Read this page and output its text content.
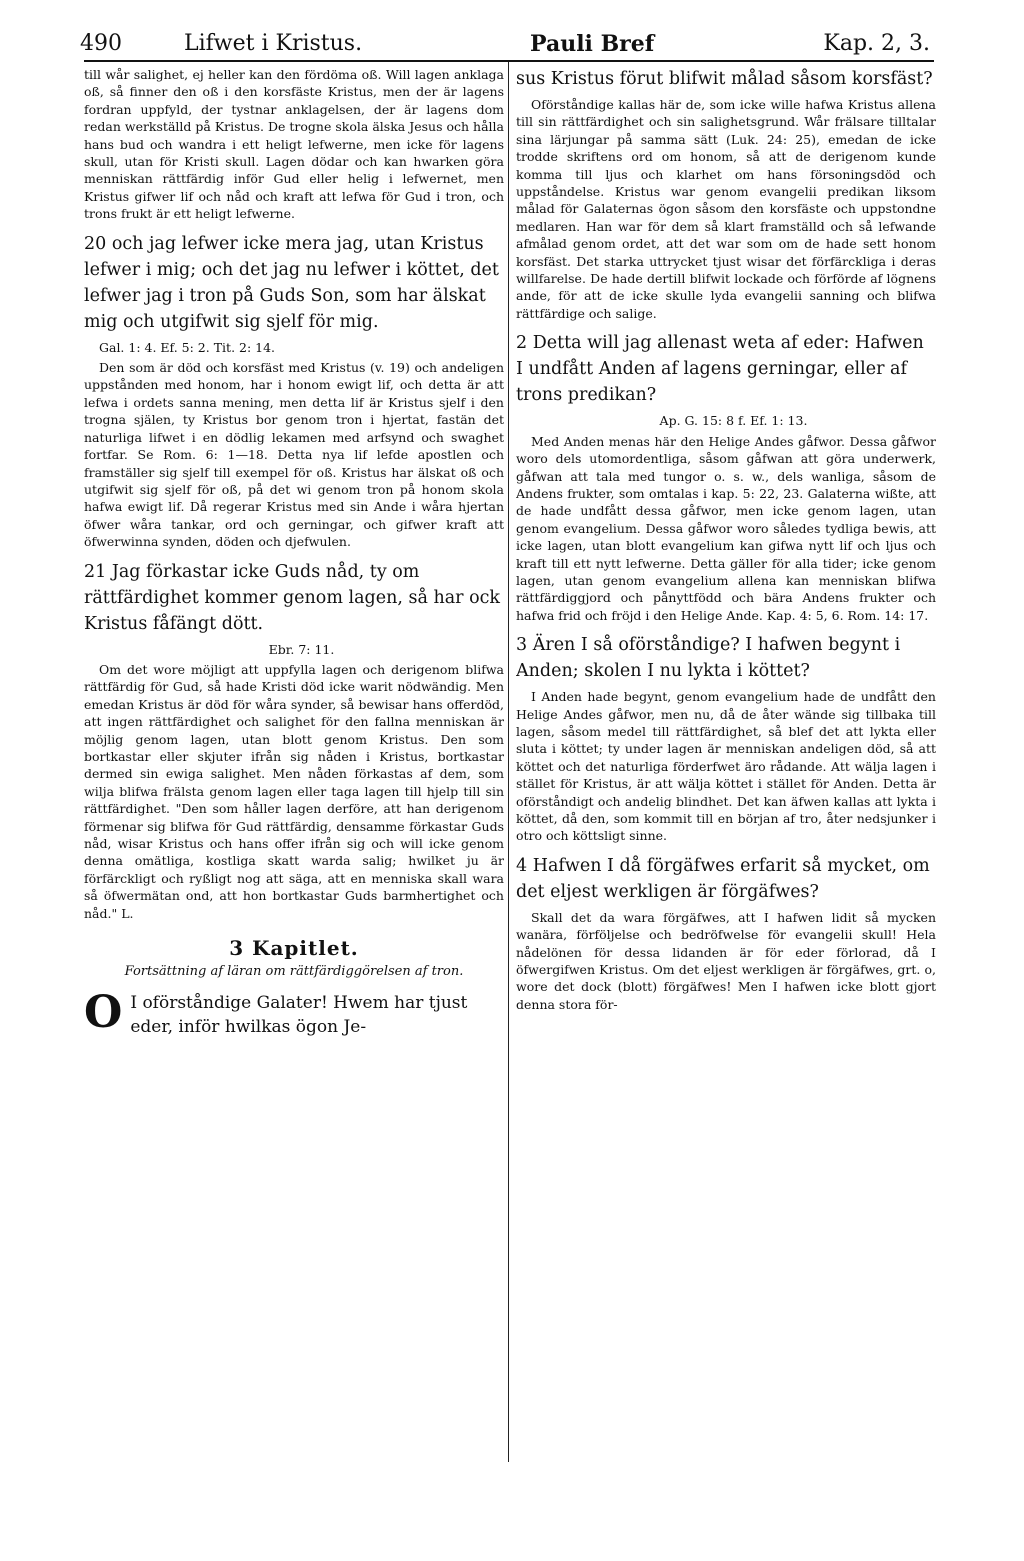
490	Lifwet i Kristus.	Pauli Bref	Kap. 2, 3.

till wår salighet, ej heller kan den fördöma oß. Will lagen anklaga oß, så finner den oß i den korsfäste Kristus, men der är lagens fordran uppfyld, der tystnar anklagelsen, der är lagens dom redan werkställd på Kristus. De trogne skola älska Jesus och hålla hans bud och wandra i ett heligt lefwerne, men icke för lagens skull, utan för Kristi skull. Lagen dödar och kan hwarken göra menniskan rättfärdig inför Gud eller helig i lefwernet, men Kristus gifwer lif och nåd och kraft att lefwa för Gud i tron, och trons frukt är ett heligt lefwerne.

20 och jag lefwer icke mera jag, utan Kristus lefwer i mig; och det jag nu lefwer i köttet, det lefwer jag i tron på Guds Son, som har älskat mig och utgifwit sig sjelf för mig.

Gal. 1: 4. Ef. 5: 2. Tit. 2: 14.

Den som är död och korsfäst med Kristus (v. 19) och andeligen uppstånden med honom, har i honom ewigt lif, och detta är att lefwa i ordets sanna mening, men detta lif är Kristus sjelf i den trogna själen, ty Kristus bor genom tron i hjertat, fastän det naturliga lifwet i en dödlig lekamen med arfsynd och swaghet fortfar. Se Rom. 6: 1—18. Detta nya lif lefde apostlen och framställer sig sjelf till exempel för oß. Kristus har älskat oß och utgifwit sig sjelf för oß, på det wi genom tron på honom skola hafwa ewigt lif. Då regerar Kristus med sin Ande i wåra hjertan öfwer wåra tankar, ord och gerningar, och gifwer kraft att öfwerwinna synden, döden och djefwulen.

21 Jag förkastar icke Guds nåd, ty om rättfärdighet kommer genom lagen, så har ock Kristus fåfängt dött.

Ebr. 7: 11.

Om det wore möjligt att uppfylla lagen och derigenom blifwa rättfärdig för Gud, så hade Kristi död icke warit nödwändig. Men emedan Kristus är död för wåra synder, så bewisar hans offerdöd, att ingen rättfärdighet och salighet för den fallna menniskan är möjlig genom lagen, utan blott genom Kristus. Den som bortkastar eller skjuter ifrån sig nåden i Kristus, bortkastar dermed sin ewiga salighet. Men nåden förkastas af dem, som wilja blifwa frälsta genom lagen eller taga lagen till hjelp till sin rättfärdighet. "Den som håller lagen derföre, att han derigenom förmenar sig blifwa för Gud rättfärdig, densamme förkastar Guds nåd, wisar Kristus och hans offer ifrån sig och will icke genom denna omätliga, kostliga skatt warda salig; hwilket ju är förfärckligt och ryßligt nog att säga, att en menniska skall wara så öfwermätan ond, att hon bortkastar Guds barmhertighet och nåd." L.

3 Kapitlet.

Fortsättning af läran om rättfärdiggörelsen af tron.

O I oförståndige Galater! Hwem har tjust eder, inför hwilkas ögon Je-

sus Kristus förut blifwit målad såsom korsfäst?

Oförståndige kallas här de, som icke wille hafwa Kristus allena till sin rättfärdighet och sin salighetsgrund. Wår frälsare tilltalar sina lärjungar på samma sätt (Luk. 24: 25), emedan de icke trodde skriftens ord om honom, så att de derigenom kunde komma till ljus och klarhet om hans försoningsdöd och uppståndelse. Kristus war genom evangelii predikan liksom målad för Galaternas ögon såsom den korsfäste och uppstondne medlaren. Han war för dem så klart framställd och så lefwande afmålad genom ordet, att det war som om de hade sett honom korsfäst. Det starka uttrycket tjust wisar det förfärckliga i deras willfarelse. De hade dertill blifwit lockade och förförde af lögnens ande, för att de icke skulle lyda evangelii sanning och blifwa rättfärdige och salige.

2 Detta will jag allenast weta af eder: Hafwen I undfått Anden af lagens gerningar, eller af trons predikan?

Ap. G. 15: 8 f. Ef. 1: 13.

Med Anden menas här den Helige Andes gåfwor. Dessa gåfwor woro dels utomordentliga, såsom gåfwan att göra underwerk, gåfwan att tala med tungor o. s. w., dels wanliga, såsom de Andens frukter, som omtalas i kap. 5: 22, 23. Galaterna wißte, att de hade undfått dessa gåfwor, men icke genom lagen, utan genom evangelium. Dessa gåfwor woro således tydliga bewis, att icke lagen, utan blott evangelium kan gifwa nytt lif och ljus och kraft till ett nytt lefwerne. Detta gäller för alla tider; icke genom lagen, utan genom evangelium allena kan menniskan blifwa rättfärdiggjord och pånyttfödd och bära Andens frukter och hafwa frid och fröjd i den Helige Ande. Kap. 4: 5, 6. Rom. 14: 17.

3 Ären I så oförståndige? I hafwen begynt i Anden; skolen I nu lykta i köttet?

I Anden hade begynt, genom evangelium hade de undfått den Helige Andes gåfwor, men nu, då de åter wände sig tillbaka till lagen, såsom medel till rättfärdighet, så blef det att lykta eller sluta i köttet; ty under lagen är menniskan andeligen död, så att köttet och det naturliga förderfwet äro rådande. Att wälja lagen i stället för Kristus, är att wälja köttet i stället för Anden. Detta är oförståndigt och andelig blindhet. Det kan äfwen kallas att lykta i köttet, då den, som kommit till en början af tro, åter nedsjunker i otro och köttsligt sinne.

4 Hafwen I då förgäfwes erfarit så mycket, om det eljest werkligen är förgäfwes?

Skall det da wara förgäfwes, att I hafwen lidit så mycken wanära, förföljelse och bedröfwelse för evangelii skull! Hela nådelönen för dessa lidanden är för eder förlorad, då I öfwergifwen Kristus. Om det eljest werkligen är förgäfwes, grt. o, wore det dock (blott) förgäfwes! Men I hafwen icke blott gjort denna stora för-
